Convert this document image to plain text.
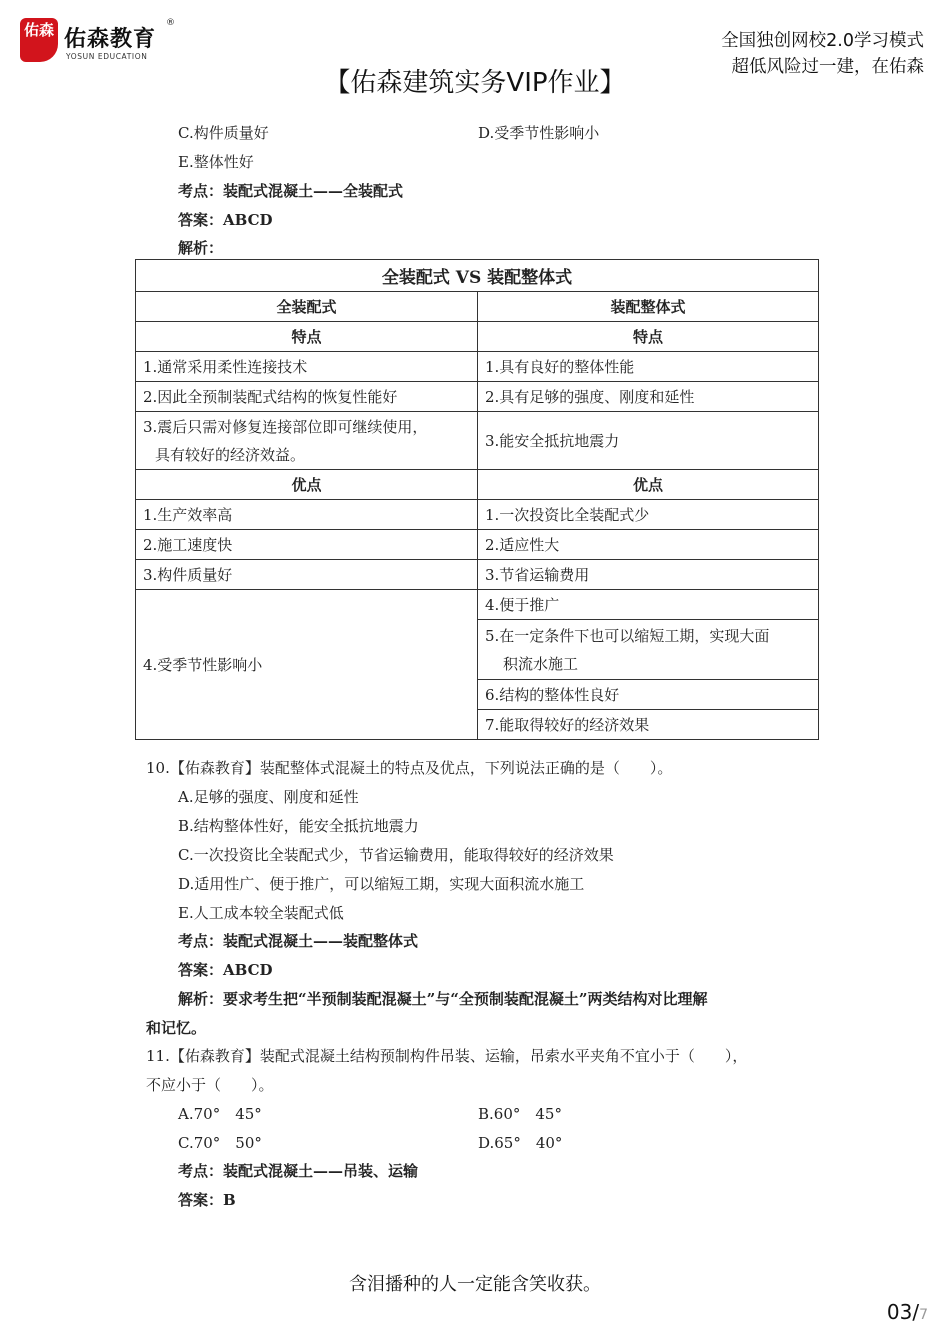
佑森 佑森教育
®
YOSUN EDUCATION
【佑森建筑实务VIP作业】
全国独创网校2.0学习模式
超低风险过一建，在佑森
C.构件质量好	D.受季节性影响小
E.整体性好
考点：装配式混凝土——全装配式
答案：ABCD
解析：
全装配式 VS 装配整体式	
全装配式	装配整体式
特点	特点
1.通常采用柔性连接技术	1.具有良好的整体性能
2.因此全预制装配式结构的恢复性能好	2.具有足够的强度、刚度和延性

3.震后只需对修复连接部位即可继续使用，
具有较好的经济效益。	3.能安全抵抗地震力
优点	优点
1.生产效率高	1.一次投资比全装配式少
2.施工速度快	2.适应性大
3.构件质量好	3.节省运输费用
4.受季节性影响小	4.便于推广

	5.在一定条件下也可以缩短工期，实现大面
积流水施工

	6.结构的整体性良好
	7.能取得较好的经济效果
10.【佑森教育】装配整体式混凝土的特点及优点，下列说法正确的是（　　）。
A.足够的强度、刚度和延性
B.结构整体性好，能安全抵抗地震力
C.一次投资比全装配式少，节省运输费用，能取得较好的经济效果
D.适用性广、便于推广，可以缩短工期，实现大面积流水施工
E.人工成本较全装配式低
考点：装配式混凝土——装配整体式
答案：ABCD
解析：要求考生把“半预制装配混凝土”与“全预制装配混凝土”两类结构对比理解
和记忆。
11.【佑森教育】装配式混凝土结构预制构件吊装、运输，吊索水平夹角不宜小于（　　），
不应小于（　　）。
A.70°　45°	B.60°　45°
C.70°　50°	D.65°　40°
考点：装配式混凝土——吊装、运输
答案：B
含泪播种的人一定能含笑收获。
03/7
